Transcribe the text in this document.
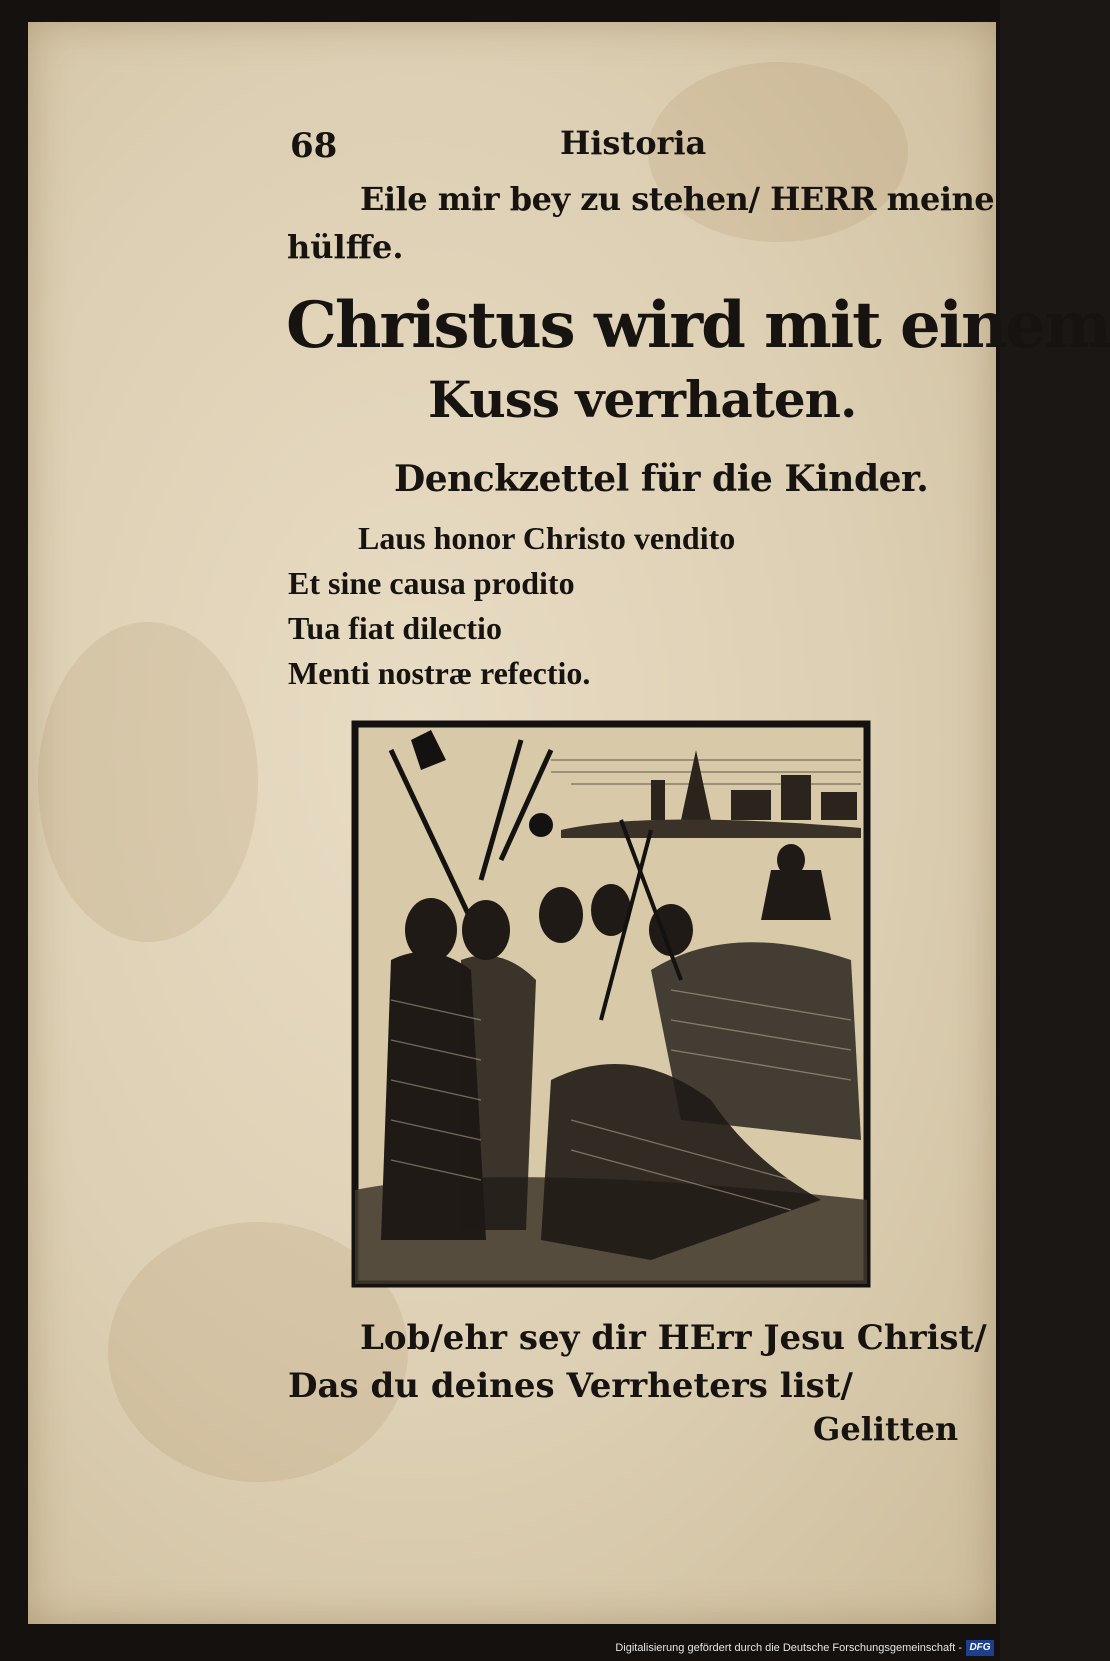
68	Historia
Eile mir bey zu stehen/ HERR meine
hülffe.
Christus wird mit einem
Kuss verrhaten.
Denckzettel für die Kinder.
Laus honor Christo vendito
Et sine causa prodito
Tua fiat dilectio
Menti nostræ refectio.
Lob/ehr sey dir HErr Jesu Christ/
Das du deines Verrheters list/
Gelitten
Digitalisierung gefördert durch die Deutsche Forschungsgemeinschaft - DFG
